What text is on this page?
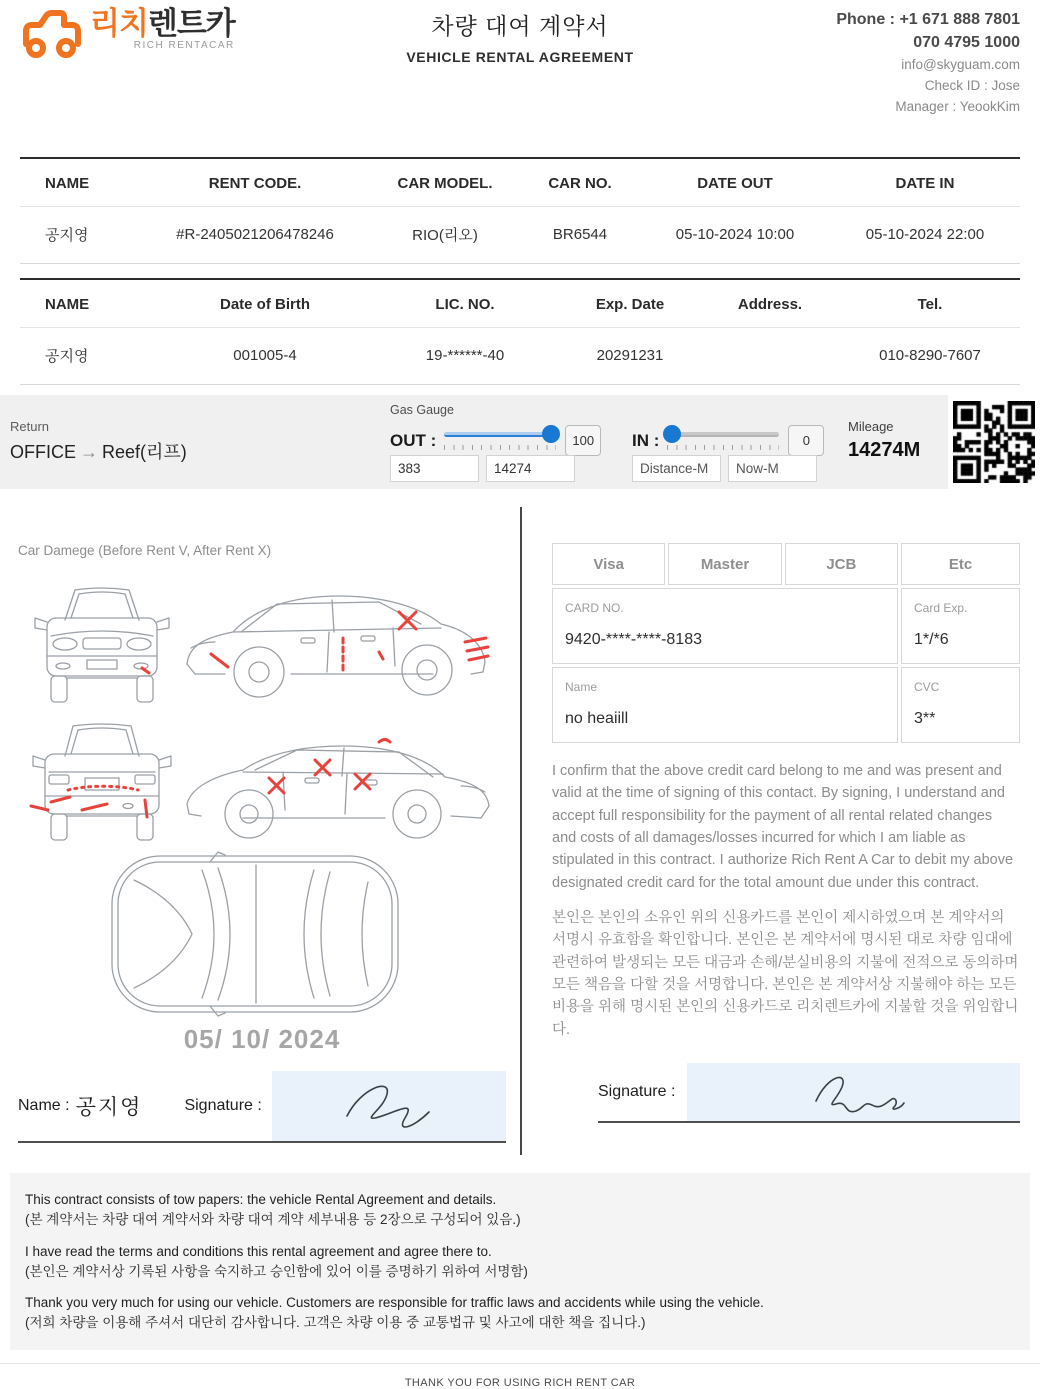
리치렌트카
RICH RENTACAR
차량 대여 계약서
VEHICLE RENTAL AGREEMENT
Phone : +1 671 888 7801
070 4795 1000
info@skyguam.com
Check ID : Jose
Manager : YeookKim
NAME	RENT CODE.	CAR MODEL.	CAR NO.	DATE OUT	DATE IN
공지영	#R-2405021206478246	RIO(리오)	BR6544	05-10-2024 10:00	05-10-2024 22:00
NAME	Date of Birth	LIC. NO.	Exp. Date	Address.	Tel.
공지영	001005-4	19-******-40	20291231		010-8290-7607
Return
OFFICE → Reef(리프)
Gas Gauge
OUT :	100
383
14274	IN :	0
Distance-M
Now-M
Mileage
14274M
Car Damege (Before Rent V, After Rent X)
05/ 10/ 2024
Name : 공지영	Signature :
Visa	Master	JCB	Etc
CARD NO.
9420-****-****-8183
Card Exp.
1*/*6
Name
no heaiill
CVC
3**

I confirm that the above credit card belong to me and was present and valid at the time of signing of this contact. By signing, I understand and accept full responsibility for the payment of all rental related changes and costs of all damages/losses incurred for which I am liable as stipulated in this contract. I authorize Rich Rent A Car to debit my above designated credit card for the total amount due under this contract.

본인은 본인의 소유인 위의 신용카드를 본인이 제시하였으며 본 계약서의 서명시 유효함을 확인합니다. 본인은 본 계약서에 명시된 대로 차량 임대에 관련하여 발생되는 모든 대금과 손해/분실비용의 지불에 전적으로 동의하며 모든 책음을 다할 것을 서명합니다. 본인은 본 계약서상 지불해야 하는 모든 비용을 위해 명시된 본인의 신용카드로 리치렌트카에 지불할 것을 위임합니다.

Signature :
This contract consists of tow papers: the vehicle Rental Agreement and details.
(본 계약서는 차량 대여 계약서와 차량 대여 계약 세부내용 등 2장으로 구성되어 있음.)
I have read the terms and conditions this rental agreement and agree there to.
(본인은 계약서상 기록된 사항을 숙지하고 승인함에 있어 이를 증명하기 위하여 서명함)
Thank you very much for using our vehicle. Customers are responsible for traffic laws and accidents while using the vehicle.
(저희 차량을 이용해 주셔서 대단히 감사합니다. 고객은 차량 이용 중 교통법규 및 사고에 대한 책을 집니다.)
THANK YOU FOR USING RICH RENT CAR
